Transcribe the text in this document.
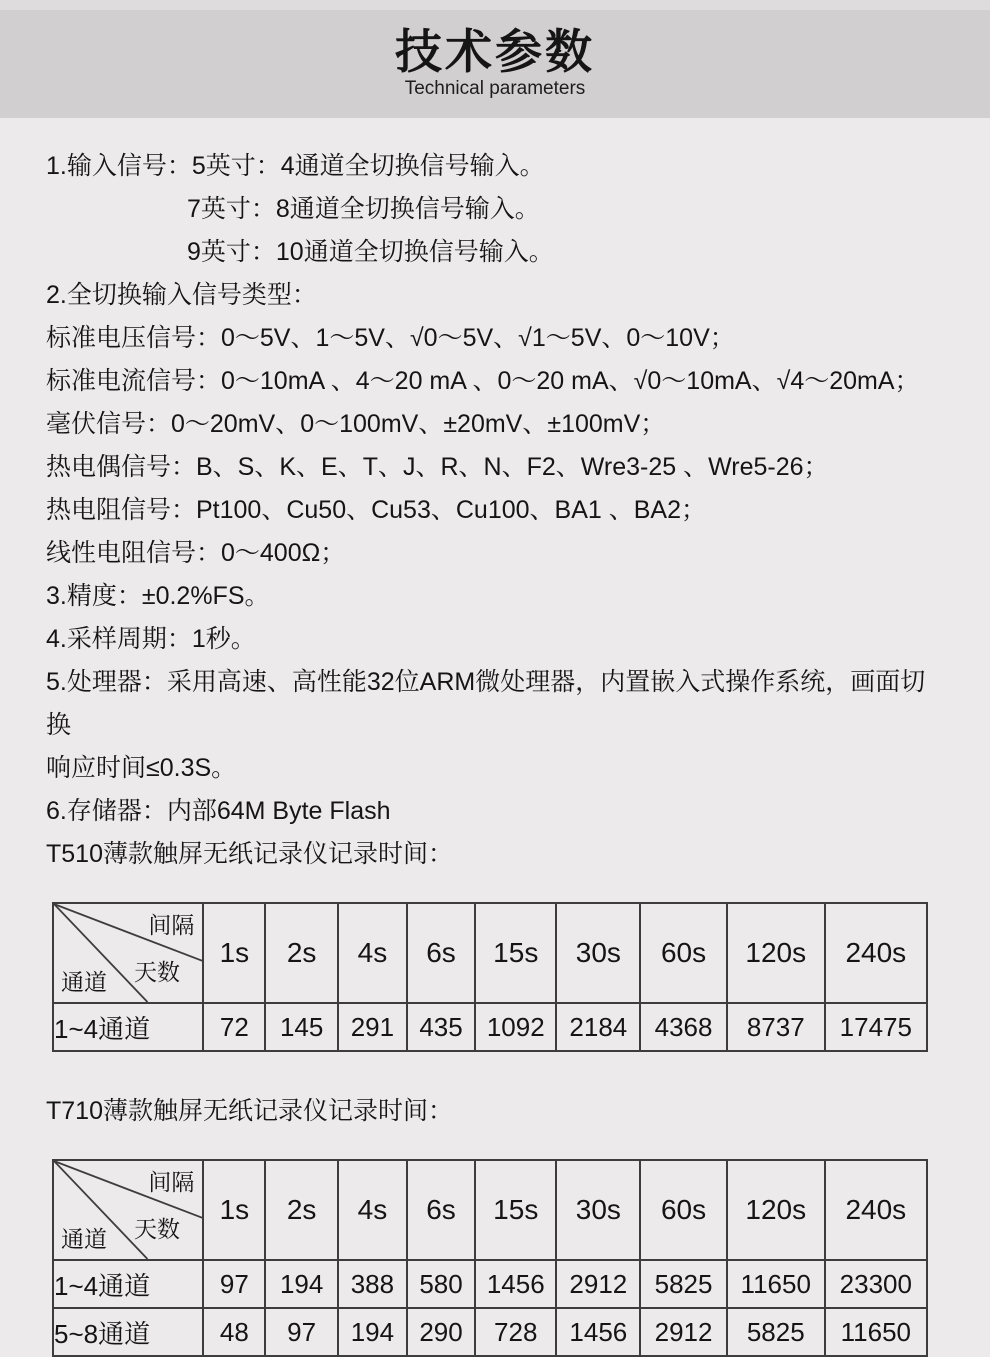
技术参数
Technical parameters

1.输入信号：5英寸：4通道全切换信号输入。

7英寸：8通道全切换信号输入。

9英寸：10通道全切换信号输入。

2.全切换输入信号类型：

标准电压信号：0～5V、1～5V、√0～5V、√1～5V、0～10V；

标准电流信号：0～10mA 、4～20 mA 、0～20 mA、√0～10mA、√4～20mA；

毫伏信号：0～20mV、0～100mV、±20mV、±100mV；

热电偶信号：B、S、K、E、T、J、R、N、F2、Wre3-25 、Wre5-26；

热电阻信号：Pt100、Cu50、Cu53、Cu100、BA1 、BA2；

线性电阻信号：0～400Ω；

3.精度：±0.2%FS。

4.采样周期：1秒。

5.处理器：采用高速、高性能32位ARM微处理器，内置嵌入式操作系统，画面切换

响应时间≤0.3S。

6.存储器：内部64M Byte Flash

T510薄款触屏无纸记录仪记录时间：

间隔
天数
通道	1s	2s	4s	6s	15s	30s	60s	120s	240s
1~4通道	72	145	291	435	1092	2184	4368	8737	17475

T710薄款触屏无纸记录仪记录时间：

间隔
天数
通道	1s	2s	4s	6s	15s	30s	60s	120s	240s
1~4通道	97	194	388	580	1456	2912	5825	11650	23300
5~8通道	48	97	194	290	728	1456	2912	5825	11650
